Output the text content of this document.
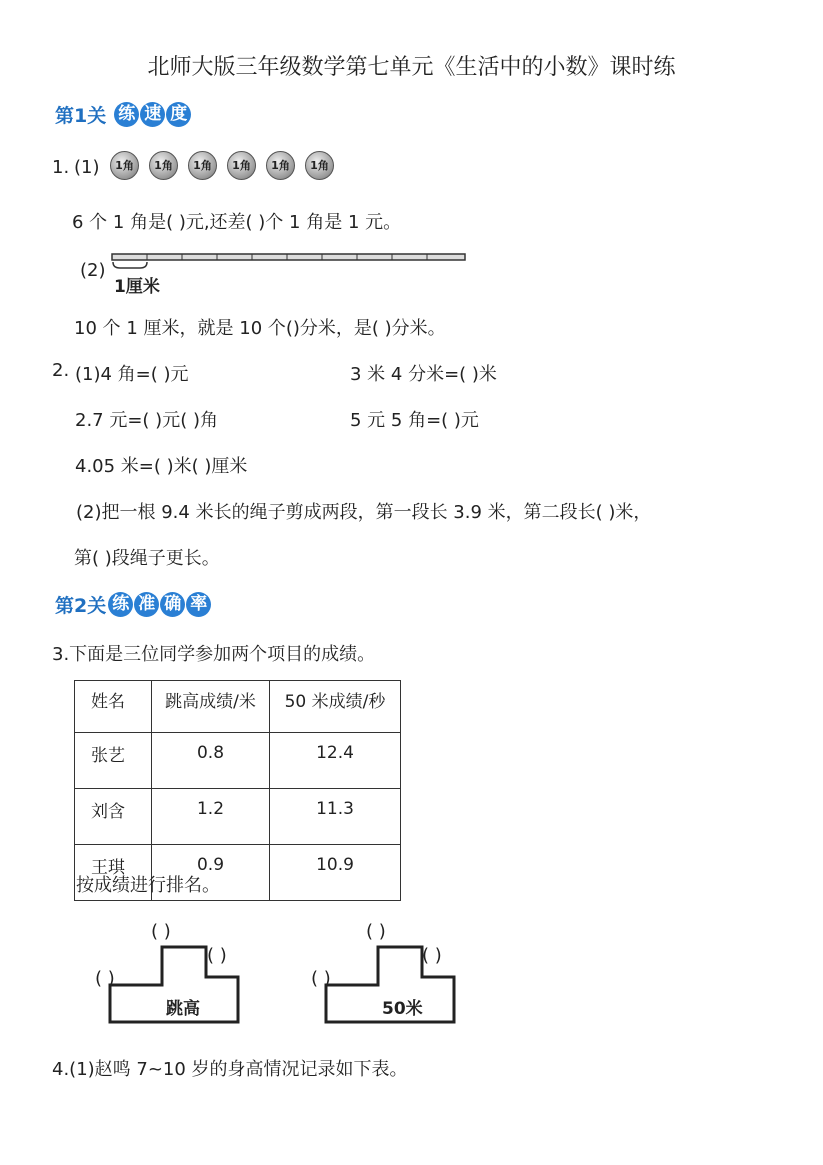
北师大版三年级数学第七单元《生活中的小数》课时练
第1关 练 速 度
1. (1)	1角	1角	1角	1角	1角	1角
6 个 1 角是( )元,还差( )个 1 角是 1 元。
(2)
1厘米
10 个 1 厘米，就是 10 个()分米，是( )分米。
2. (1)4 角=( )元	3 米 4 分米=( )米
2.7 元=( )元( )角	5 元 5 角=( )元
4.05 米=( )米( )厘米
(2)把一根 9.4 米长的绳子剪成两段，第一段长 3.9 米，第二段长( )米，
第( )段绳子更长。
第2关 练 准 确 率
3.下面是三位同学参加两个项目的成绩。
姓名	跳高成绩/米	50 米成绩/秒
张艺	0.8	12.4
刘含	1.2	11.3
王琪	0.9	10.9
按成绩进行排名。
跳高
( )
( )
( )
50米
( )
( )
( )
4.(1)赵鸣 7~10 岁的身高情况记录如下表。
